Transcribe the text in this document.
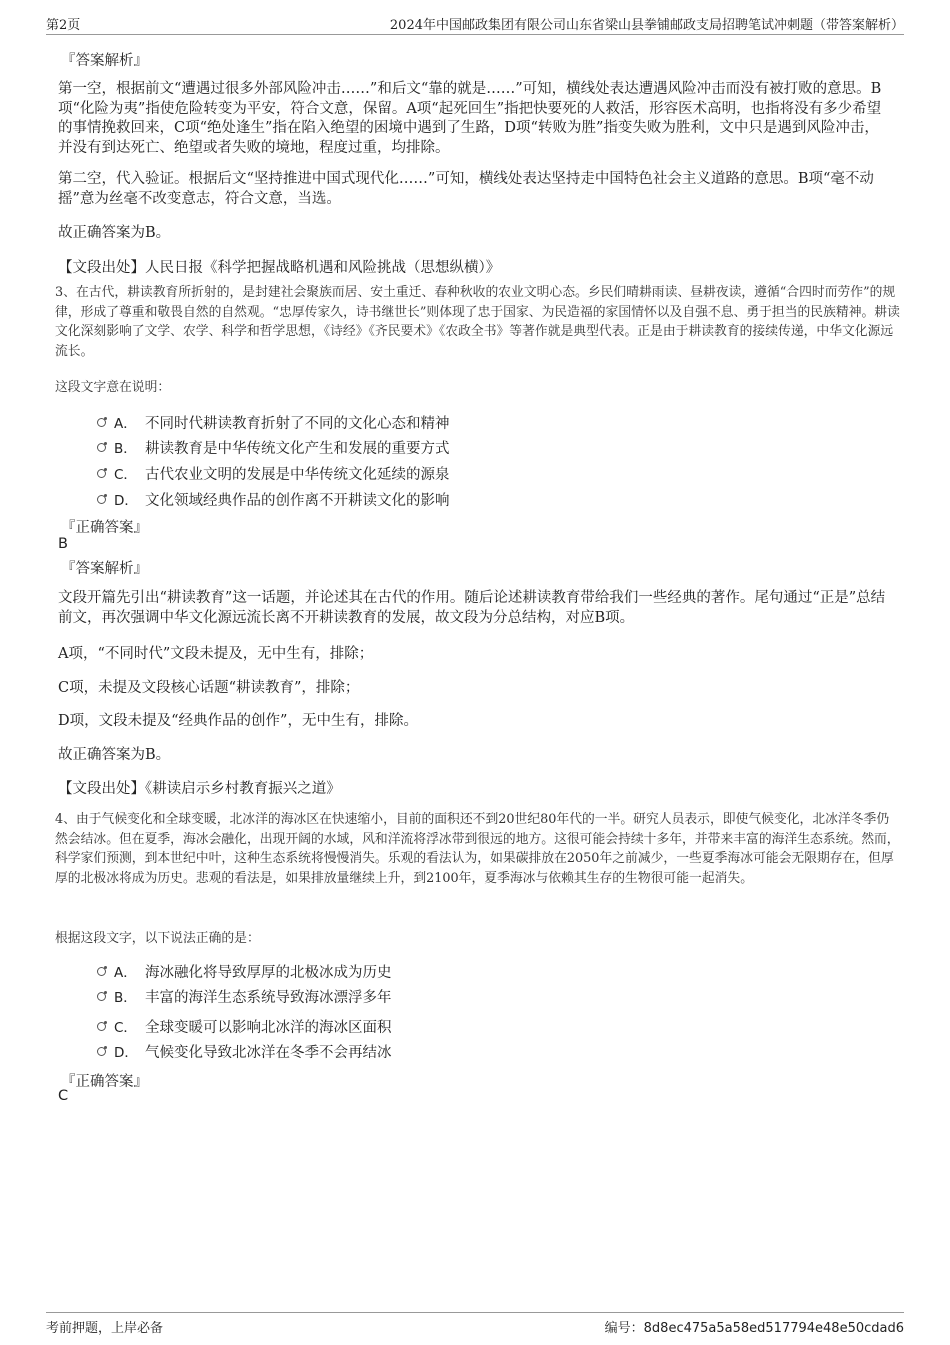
第2页	2024年中国邮政集团有限公司山东省梁山县拳铺邮政支局招聘笔试冲刺题（带答案解析）
『答案解析』
第一空，根据前文“遭遇过很多外部风险冲击……”和后文“靠的就是……”可知，横线处表达遭遇风险冲击而没有被打败的意思。B项“化险为夷”指使危险转变为平安，符合文意，保留。A项“起死回生”指把快要死的人救活，形容医术高明，也指将没有多少希望的事情挽救回来，C项“绝处逢生”指在陷入绝望的困境中遇到了生路，D项“转败为胜”指变失败为胜利，文中只是遇到风险冲击，并没有到达死亡、绝望或者失败的境地，程度过重，均排除。
第二空，代入验证。根据后文“坚持推进中国式现代化……”可知，横线处表达坚持走中国特色社会主义道路的意思。B项“毫不动摇”意为丝毫不改变意志，符合文意，当选。
故正确答案为B。
【文段出处】人民日报《科学把握战略机遇和风险挑战（思想纵横）》
3、在古代，耕读教育所折射的，是封建社会聚族而居、安土重迁、春种秋收的农业文明心态。乡民们晴耕雨读、昼耕夜读，遵循“合四时而劳作”的规律，形成了尊重和敬畏自然的自然观。“忠厚传家久，诗书继世长”则体现了忠于国家、为民造福的家国情怀以及自强不息、勇于担当的民族精神。耕读文化深刻影响了文学、农学、科学和哲学思想，《诗经》《齐民要术》《农政全书》等著作就是典型代表。正是由于耕读教育的接续传递，中华文化源远流长。
这段文字意在说明：
A． 不同时代耕读教育折射了不同的文化心态和精神
B． 耕读教育是中华传统文化产生和发展的重要方式
C． 古代农业文明的发展是中华传统文化延续的源泉
D． 文化领域经典作品的创作离不开耕读文化的影响
『正确答案』
B
『答案解析』
文段开篇先引出“耕读教育”这一话题，并论述其在古代的作用。随后论述耕读教育带给我们一些经典的著作。尾句通过“正是”总结前文，再次强调中华文化源远流长离不开耕读教育的发展，故文段为分总结构，对应B项。
A项，“不同时代”文段未提及，无中生有，排除；
C项，未提及文段核心话题“耕读教育”，排除；
D项，文段未提及“经典作品的创作”，无中生有，排除。
故正确答案为B。
【文段出处】《耕读启示乡村教育振兴之道》
4、由于气候变化和全球变暖，北冰洋的海冰区在快速缩小，目前的面积还不到20世纪80年代的一半。研究人员表示，即使气候变化，北冰洋冬季仍然会结冰。但在夏季，海冰会融化，出现开阔的水域，风和洋流将浮冰带到很远的地方。这很可能会持续十多年，并带来丰富的海洋生态系统。然而，科学家们预测，到本世纪中叶，这种生态系统将慢慢消失。乐观的看法认为，如果碳排放在2050年之前减少，一些夏季海冰可能会无限期存在，但厚厚的北极冰将成为历史。悲观的看法是，如果排放量继续上升，到2100年，夏季海冰与依赖其生存的生物很可能一起消失。
根据这段文字，以下说法正确的是：
A． 海冰融化将导致厚厚的北极冰成为历史
B． 丰富的海洋生态系统导致海冰漂浮多年
C． 全球变暖可以影响北冰洋的海冰区面积
D． 气候变化导致北冰洋在冬季不会再结冰
『正确答案』
C
考前押题，上岸必备	编号：8d8ec475a5a58ed517794e48e50cdad6
